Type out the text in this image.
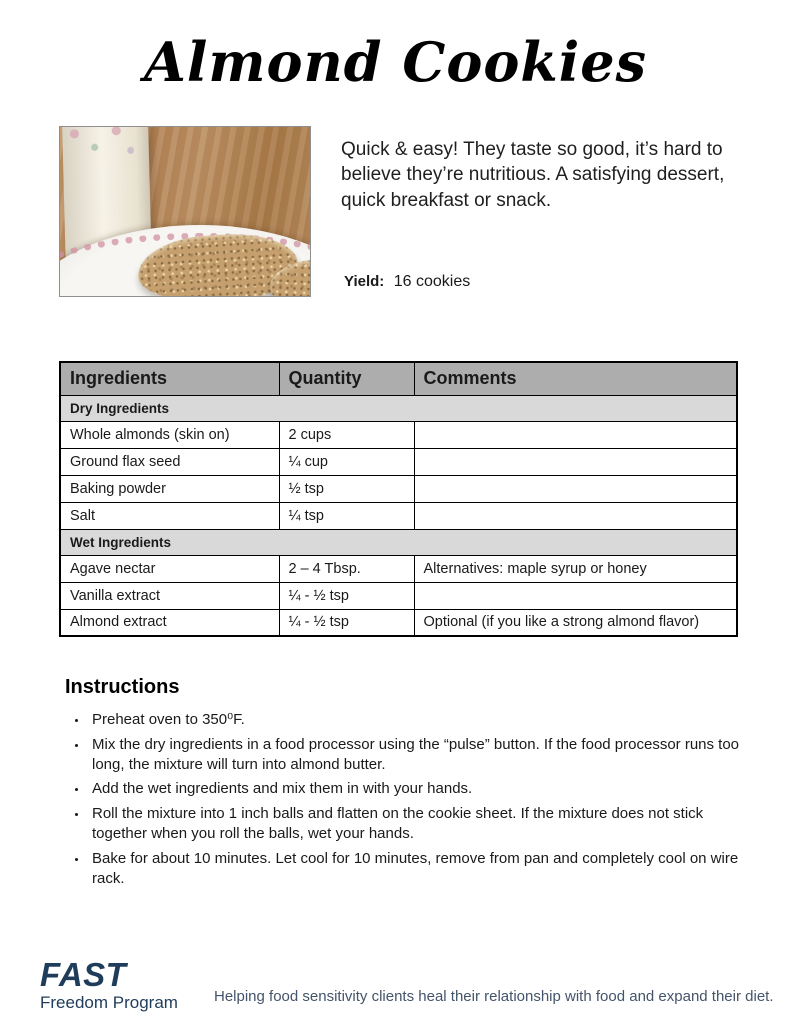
Almond Cookies

Quick & easy! They taste so good, it’s hard to believe they’re nutritious. A satisfying dessert, quick breakfast or snack.

Yield: 16 cookies

Ingredients	Quantity	Comments
Dry Ingredients		
Whole almonds (skin on)	2 cups	
Ground flax seed	¼ cup	
Baking powder	½ tsp	
Salt	¼ tsp	
Wet Ingredients		
Agave nectar	2 – 4 Tbsp.	Alternatives: maple syrup or honey
Vanilla extract	¼ - ½ tsp	
Almond extract	¼ - ½ tsp	Optional (if you like a strong almond flavor)
Instructions
• Preheat oven to 350⁰F.
• Mix the dry ingredients in a food processor using the “pulse” button. If the food processor runs too long, the mixture will turn into almond butter.
• Add the wet ingredients and mix them in with your hands.
• Roll the mixture into 1 inch balls and flatten on the cookie sheet. If the mixture does not stick together when you roll the balls, wet your hands.
• Bake for about 10 minutes. Let cool for 10 minutes, remove from pan and completely cool on wire rack.
FAST
Freedom Program Helping food sensitivity clients heal their relationship with food and expand their diet.
